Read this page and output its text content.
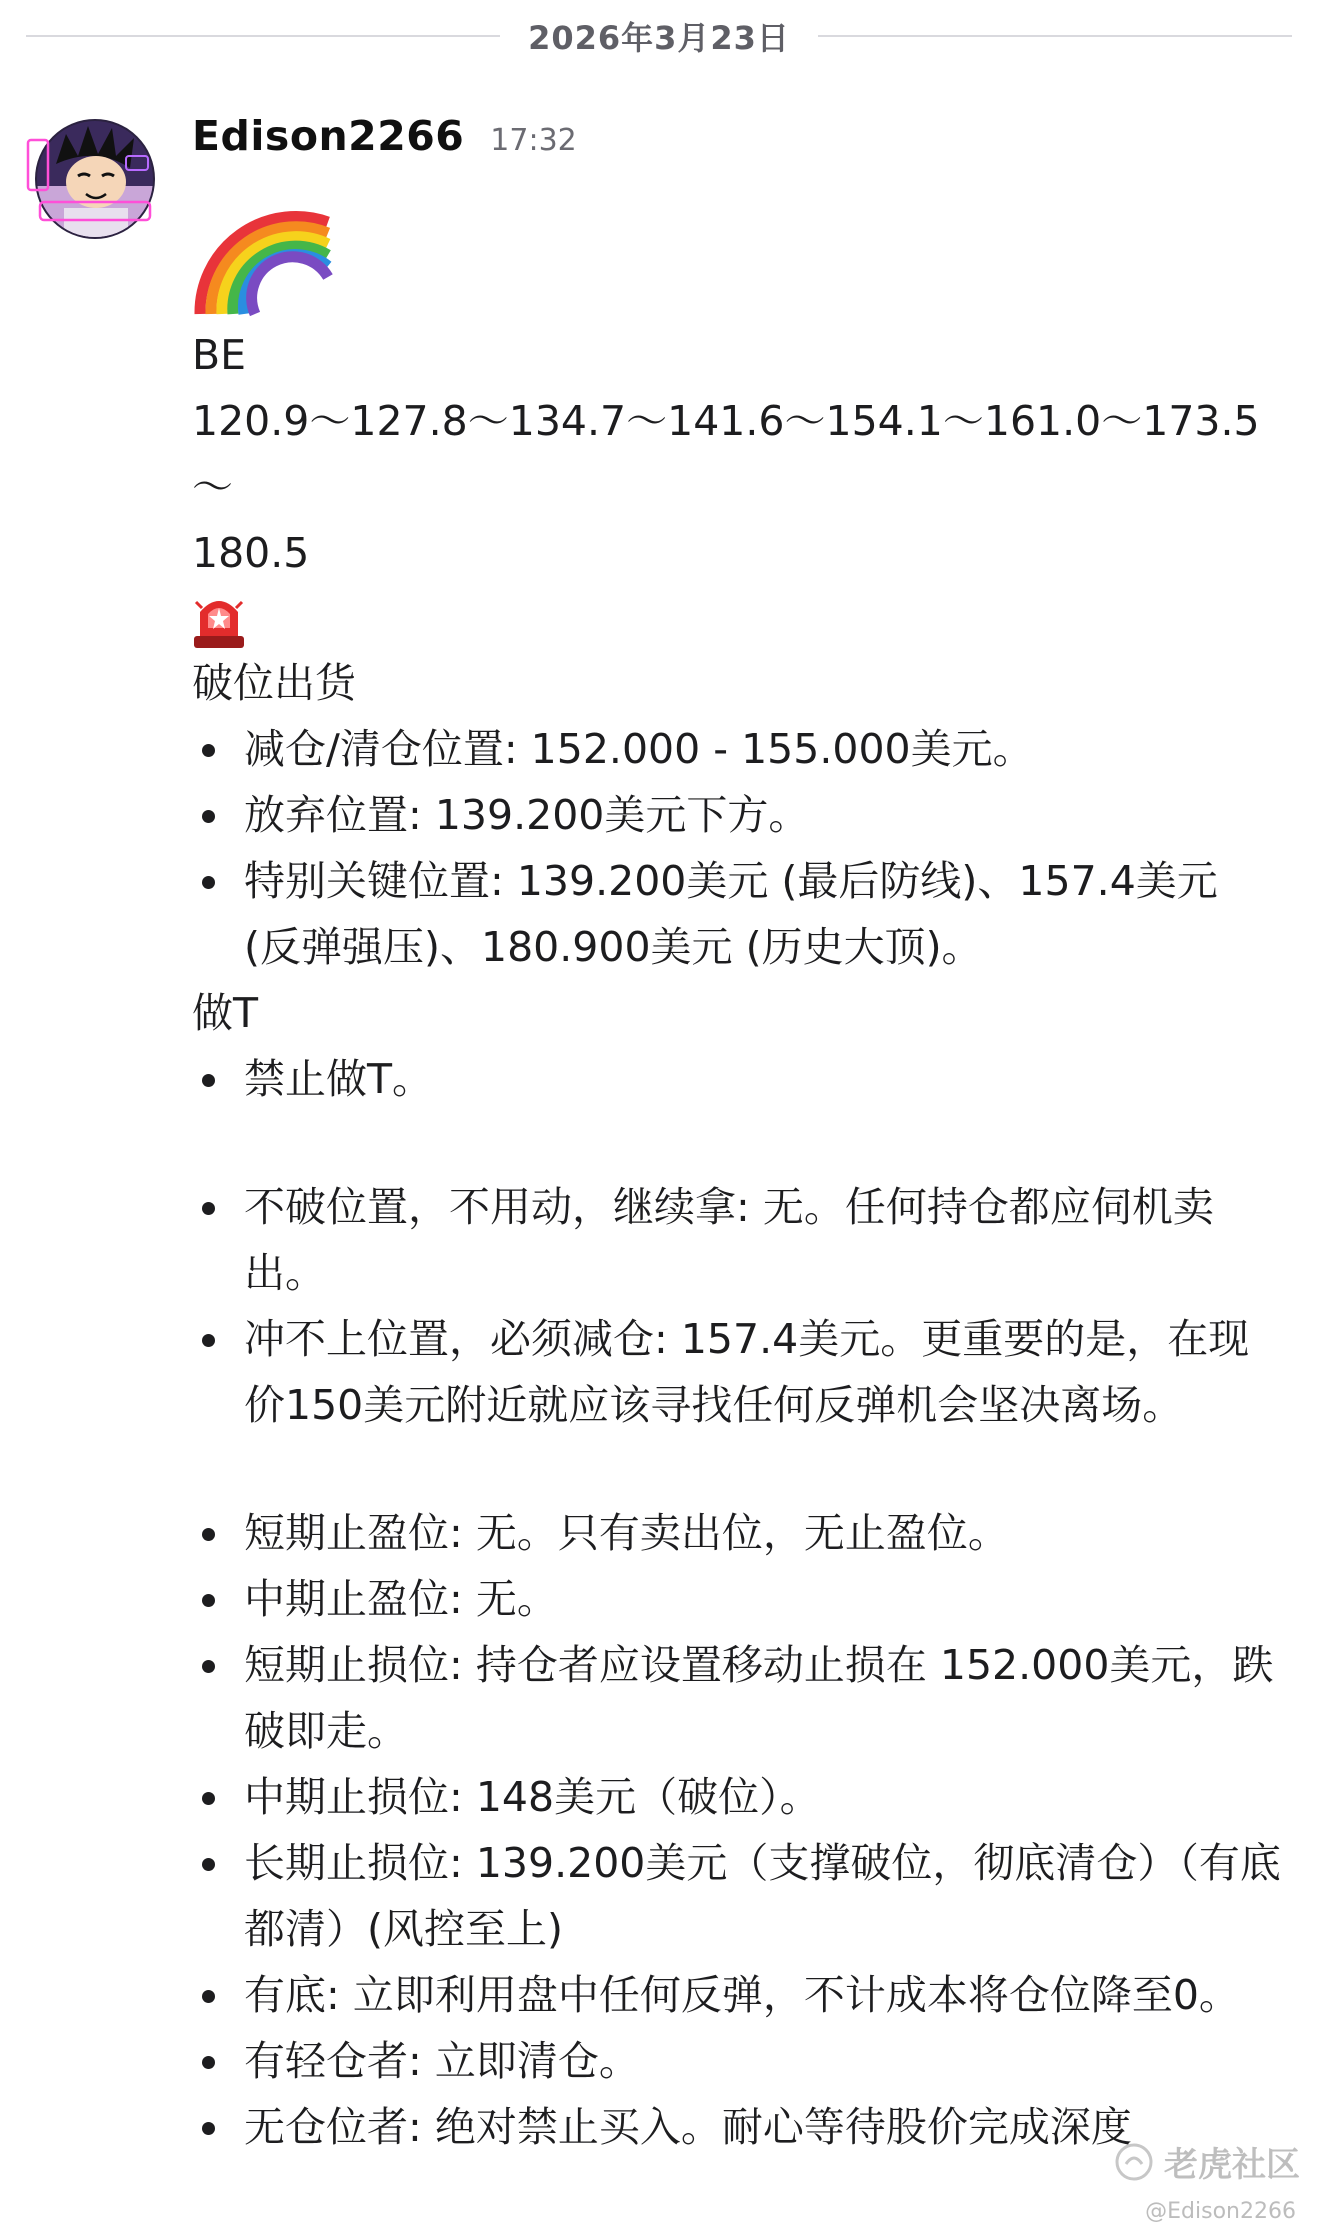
2026年3月23日
Edison2266 17:32
BE
120.9～127.8～134.7～141.6～154.1～161.0～173.5～
180.5
破位出货
减仓/清仓位置: 152.000 - 155.000美元。
放弃位置: 139.200美元下方。
特别关键位置: 139.200美元 (最后防线)、157.4美元 (反弹强压)、180.900美元 (历史大顶)。
做T
禁止做T。
不破位置，不用动，继续拿: 无。任何持仓都应伺机卖出。
冲不上位置，必须减仓: 157.4美元。更重要的是，在现价150美元附近就应该寻找任何反弹机会坚决离场。
短期止盈位: 无。只有卖出位，无止盈位。
中期止盈位: 无。
短期止损位: 持仓者应设置移动止损在 152.000美元，跌破即走。
中期止损位: 148美元（破位）。
长期止损位: 139.200美元（支撑破位，彻底清仓）（有底都清）(风控至上)
有底: 立即利用盘中任何反弹，不计成本将仓位降至0。
有轻仓者: 立即清仓。
无仓位者: 绝对禁止买入。耐心等待股价完成深度
老虎社区
@Edison2266
